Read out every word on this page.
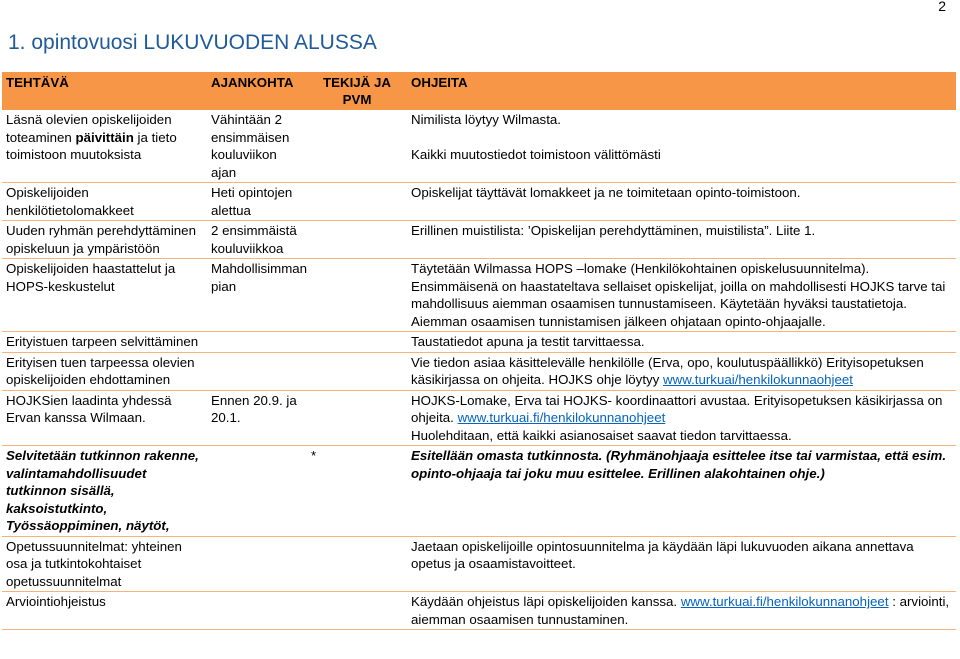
2
1. opintovuosi LUKUVUODEN ALUSSA
TEHTÄVÄ	AJANKOHTA	TEKIJÄ JA PVM	OHJEITA
Läsnä olevien opiskelijoiden toteaminen päivittäin ja tieto toimistoon muutoksista	Vähintään 2 ensimmäisen kouluviikon ajan		Nimilista löytyy Wilmasta.
Kaikki muutostiedot toimistoon välittömästi

Opiskelijoiden henkilötietolomakkeet	Heti opintojen alettua		Opiskelijat täyttävät lomakkeet ja ne toimitetaan opinto-toimistoon.
Uuden ryhmän perehdyttäminen opiskeluun ja ympäristöön	2 ensimmäistä kouluviikkoa		Erillinen muistilista: ’Opiskelijan perehdyttäminen, muistilista”. Liite 1.
Opiskelijoiden haastattelut ja HOPS-keskustelut	Mahdollisimman pian		Täytetään Wilmassa HOPS –lomake (Henkilökohtainen opiskelusuunnitelma).
Ensimmäisenä on haastateltava sellaiset opiskelijat, joilla on mahdollisesti HOJKS tarve tai mahdollisuus aiemman osaamisen tunnustamiseen. Käytetään hyväksi taustatietoja.
Aiemman osaamisen tunnistamisen jälkeen ohjataan opinto-ohjaajalle.

Erityistuen tarpeen selvittäminen			Taustatiedot apuna ja testit tarvittaessa.
Erityisen tuen tarpeessa olevien opiskelijoiden ehdottaminen			Vie tiedon asiaa käsittelevälle henkilölle (Erva, opo, koulutuspäällikkö) Erityisopetuksen käsikirjassa on ohjeita. HOJKS ohje löytyy www.turkuai/henkilokunnaohjeet
HOJKSien laadinta yhdessä Ervan kanssa Wilmaan.	Ennen 20.9. ja 20.1.		HOJKS-Lomake, Erva tai HOJKS- koordinaattori avustaa. Erityisopetuksen käsikirjassa on ohjeita. www.turkuai.fi/henkilokunnanohjeet
Huolehditaan, että kaikki asianosaiset saavat tiedon tarvittaessa.

Selvitetään tutkinnon rakenne, valintamahdollisuudet tutkinnon sisällä, kaksoistutkinto, Työssäoppiminen, näytöt,		*	Esitellään omasta tutkinnosta. (Ryhmänohjaaja esittelee itse tai varmistaa, että esim. opinto-ohjaaja tai joku muu esittelee. Erillinen alakohtainen ohje.)
Opetussuunnitelmat: yhteinen osa ja tutkintokohtaiset opetussuunnitelmat			Jaetaan opiskelijoille opintosuunnitelma ja käydään läpi lukuvuoden aikana annettava opetus ja osaamistavoitteet.
Arviointiohjeistus			Käydään ohjeistus läpi opiskelijoiden kanssa. www.turkuai.fi/henkilokunnanohjeet : arviointi, aiemman osaamisen tunnustaminen.
